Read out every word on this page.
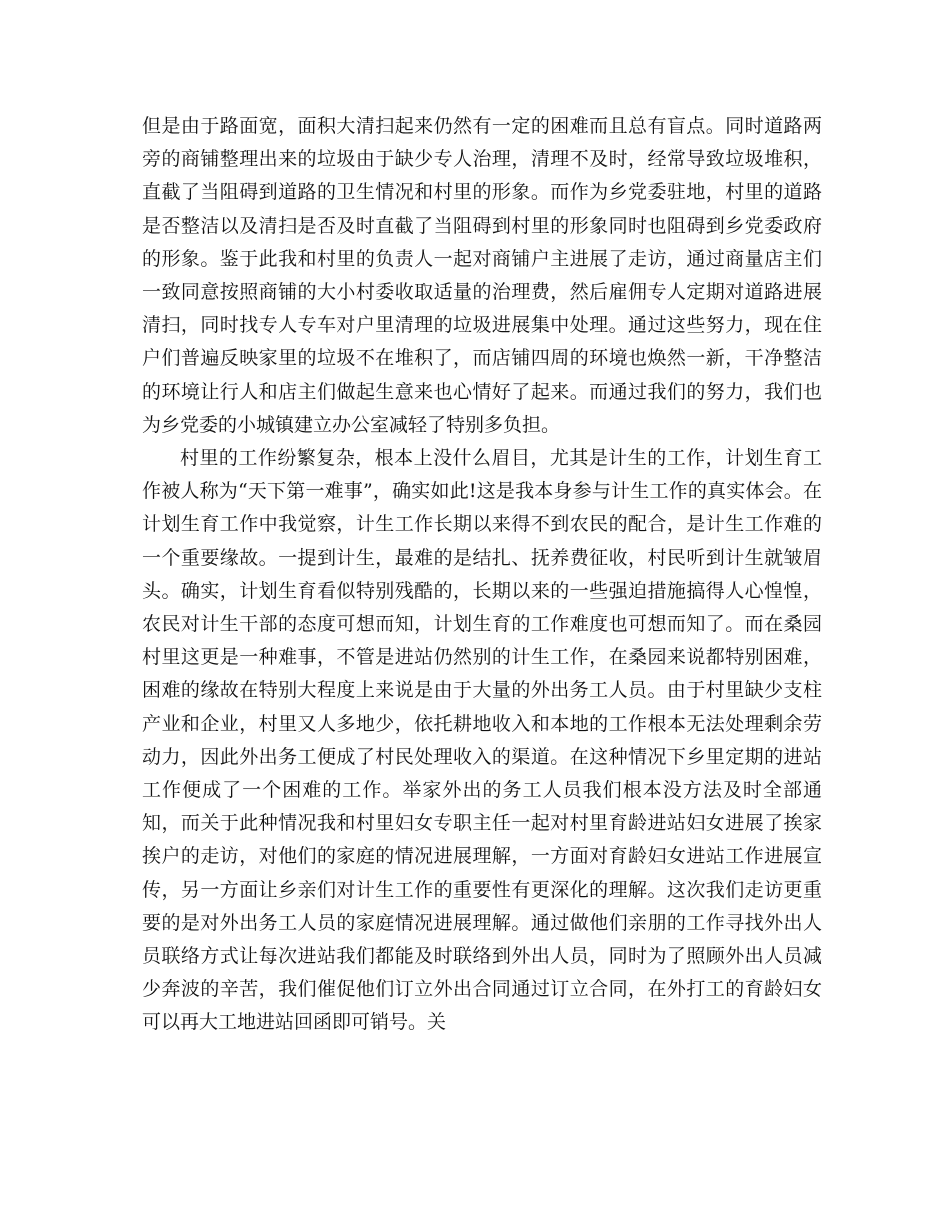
但是由于路面宽，面积大清扫起来仍然有一定的困难而且总有盲点。同时道路两旁的商铺整理出来的垃圾由于缺少专人治理，清理不及时，经常导致垃圾堆积，直截了当阻碍到道路的卫生情况和村里的形象。而作为乡党委驻地，村里的道路是否整洁以及清扫是否及时直截了当阻碍到村里的形象同时也阻碍到乡党委政府的形象。鉴于此我和村里的负责人一起对商铺户主进展了走访，通过商量店主们一致同意按照商铺的大小村委收取适量的治理费，然后雇佣专人定期对道路进展清扫，同时找专人专车对户里清理的垃圾进展集中处理。通过这些努力，现在住户们普遍反映家里的垃圾不在堆积了，而店铺四周的环境也焕然一新，干净整洁的环境让行人和店主们做起生意来也心情好了起来。而通过我们的努力，我们也为乡党委的小城镇建立办公室减轻了特别多负担。

村里的工作纷繁复杂，根本上没什么眉目，尤其是计生的工作，计划生育工作被人称为“天下第一难事”，确实如此!这是我本身参与计生工作的真实体会。在计划生育工作中我觉察，计生工作长期以来得不到农民的配合，是计生工作难的一个重要缘故。一提到计生，最难的是结扎、抚养费征收，村民听到计生就皱眉头。确实，计划生育看似特别残酷的，长期以来的一些强迫措施搞得人心惶惶，农民对计生干部的态度可想而知，计划生育的工作难度也可想而知了。而在桑园村里这更是一种难事，不管是进站仍然别的计生工作，在桑园来说都特别困难，困难的缘故在特别大程度上来说是由于大量的外出务工人员。由于村里缺少支柱产业和企业，村里又人多地少，依托耕地收入和本地的工作根本无法处理剩余劳动力，因此外出务工便成了村民处理收入的渠道。在这种情况下乡里定期的进站工作便成了一个困难的工作。举家外出的务工人员我们根本没方法及时全部通知，而关于此种情况我和村里妇女专职主任一起对村里育龄进站妇女进展了挨家挨户的走访，对他们的家庭的情况进展理解，一方面对育龄妇女进站工作进展宣传，另一方面让乡亲们对计生工作的重要性有更深化的理解。这次我们走访更重要的是对外出务工人员的家庭情况进展理解。通过做他们亲朋的工作寻找外出人员联络方式让每次进站我们都能及时联络到外出人员，同时为了照顾外出人员减少奔波的辛苦，我们催促他们订立外出合同通过订立合同，在外打工的育龄妇女可以再大工地进站回函即可销号。关
